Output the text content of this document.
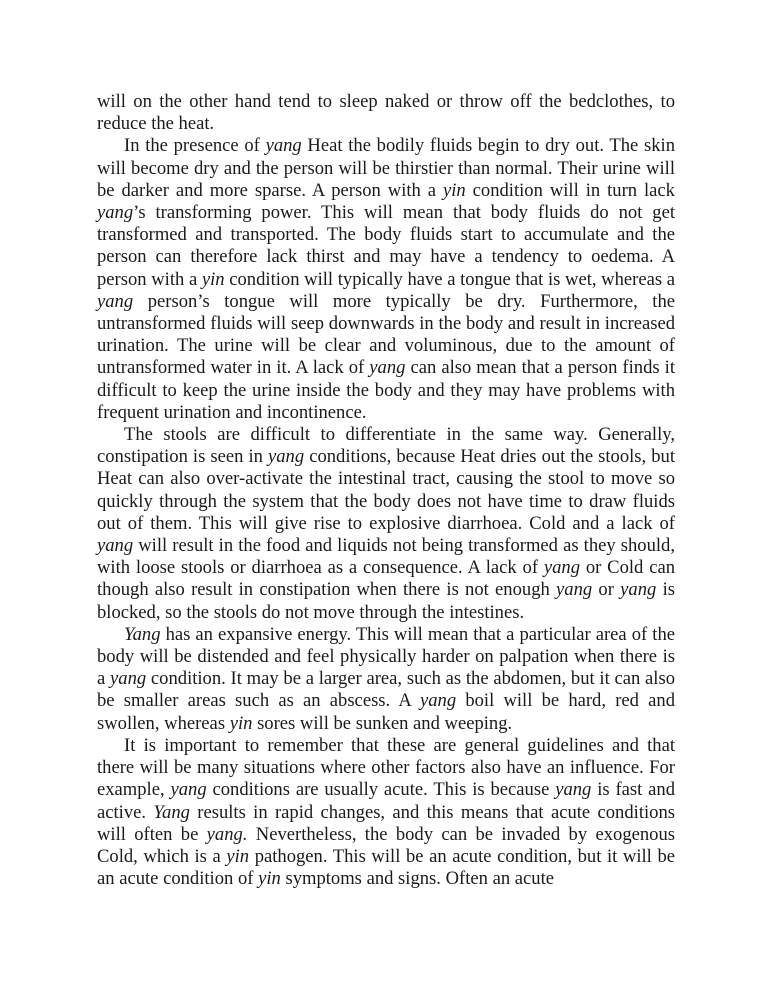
will on the other hand tend to sleep naked or throw off the bedclothes, to reduce the heat.

In the presence of yang Heat the bodily fluids begin to dry out. The skin will become dry and the person will be thirstier than normal. Their urine will be darker and more sparse. A person with a yin condition will in turn lack yang’s transforming power. This will mean that body fluids do not get transformed and transported. The body fluids start to accumulate and the person can therefore lack thirst and may have a tendency to oedema. A person with a yin condition will typically have a tongue that is wet, whereas a yang person’s tongue will more typically be dry. Furthermore, the untransformed fluids will seep downwards in the body and result in increased urination. The urine will be clear and voluminous, due to the amount of untransformed water in it. A lack of yang can also mean that a person finds it difficult to keep the urine inside the body and they may have problems with frequent urination and incontinence.

The stools are difficult to differentiate in the same way. Generally, constipation is seen in yang conditions, because Heat dries out the stools, but Heat can also over-activate the intestinal tract, causing the stool to move so quickly through the system that the body does not have time to draw fluids out of them. This will give rise to explosive diarrhoea. Cold and a lack of yang will result in the food and liquids not being transformed as they should, with loose stools or diarrhoea as a consequence. A lack of yang or Cold can though also result in constipation when there is not enough yang or yang is blocked, so the stools do not move through the intestines.

Yang has an expansive energy. This will mean that a particular area of the body will be distended and feel physically harder on palpation when there is a yang condition. It may be a larger area, such as the abdomen, but it can also be smaller areas such as an abscess. A yang boil will be hard, red and swollen, whereas yin sores will be sunken and weeping.

It is important to remember that these are general guidelines and that there will be many situations where other factors also have an influence. For example, yang conditions are usually acute. This is because yang is fast and active. Yang results in rapid changes, and this means that acute conditions will often be yang. Nevertheless, the body can be invaded by exogenous Cold, which is a yin pathogen. This will be an acute condition, but it will be an acute condition of yin symptoms and signs. Often an acute
